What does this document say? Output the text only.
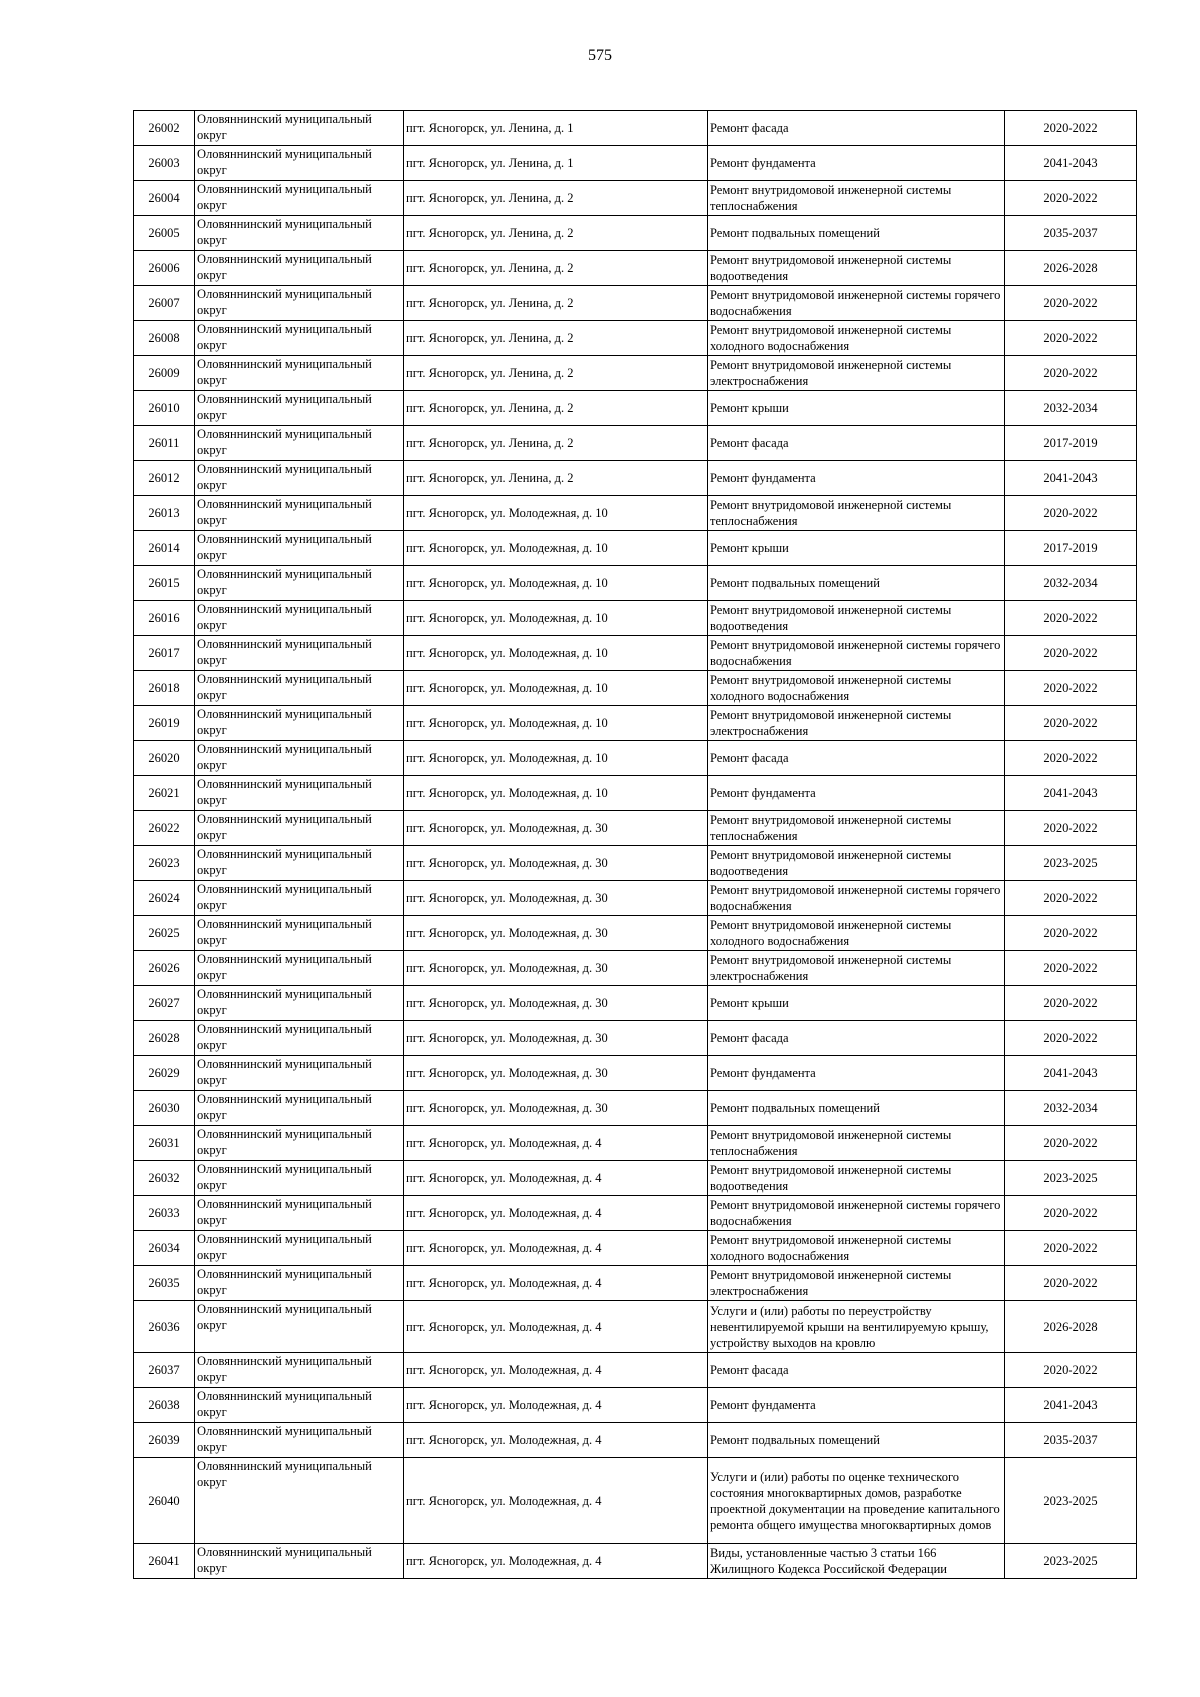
575
26002	Оловяннинский муниципальный округ	пгт. Ясногорск, ул. Ленина, д. 1	Ремонт фасада	2020-2022
26003	Оловяннинский муниципальный округ	пгт. Ясногорск, ул. Ленина, д. 1	Ремонт фундамента	2041-2043
26004	Оловяннинский муниципальный округ	пгт. Ясногорск, ул. Ленина, д. 2	Ремонт внутридомовой инженерной системы теплоснабжения	2020-2022
26005	Оловяннинский муниципальный округ	пгт. Ясногорск, ул. Ленина, д. 2	Ремонт подвальных помещений	2035-2037
26006	Оловяннинский муниципальный округ	пгт. Ясногорск, ул. Ленина, д. 2	Ремонт внутридомовой инженерной системы водоотведения	2026-2028
26007	Оловяннинский муниципальный округ	пгт. Ясногорск, ул. Ленина, д. 2	Ремонт внутридомовой инженерной системы горячего водоснабжения	2020-2022
26008	Оловяннинский муниципальный округ	пгт. Ясногорск, ул. Ленина, д. 2	Ремонт внутридомовой инженерной системы холодного водоснабжения	2020-2022
26009	Оловяннинский муниципальный округ	пгт. Ясногорск, ул. Ленина, д. 2	Ремонт внутридомовой инженерной системы электроснабжения	2020-2022
26010	Оловяннинский муниципальный округ	пгт. Ясногорск, ул. Ленина, д. 2	Ремонт крыши	2032-2034
26011	Оловяннинский муниципальный округ	пгт. Ясногорск, ул. Ленина, д. 2	Ремонт фасада	2017-2019
26012	Оловяннинский муниципальный округ	пгт. Ясногорск, ул. Ленина, д. 2	Ремонт фундамента	2041-2043
26013	Оловяннинский муниципальный округ	пгт. Ясногорск, ул. Молодежная, д. 10	Ремонт внутридомовой инженерной системы теплоснабжения	2020-2022
26014	Оловяннинский муниципальный округ	пгт. Ясногорск, ул. Молодежная, д. 10	Ремонт крыши	2017-2019
26015	Оловяннинский муниципальный округ	пгт. Ясногорск, ул. Молодежная, д. 10	Ремонт подвальных помещений	2032-2034
26016	Оловяннинский муниципальный округ	пгт. Ясногорск, ул. Молодежная, д. 10	Ремонт внутридомовой инженерной системы водоотведения	2020-2022
26017	Оловяннинский муниципальный округ	пгт. Ясногорск, ул. Молодежная, д. 10	Ремонт внутридомовой инженерной системы горячего водоснабжения	2020-2022
26018	Оловяннинский муниципальный округ	пгт. Ясногорск, ул. Молодежная, д. 10	Ремонт внутридомовой инженерной системы холодного водоснабжения	2020-2022
26019	Оловяннинский муниципальный округ	пгт. Ясногорск, ул. Молодежная, д. 10	Ремонт внутридомовой инженерной системы электроснабжения	2020-2022
26020	Оловяннинский муниципальный округ	пгт. Ясногорск, ул. Молодежная, д. 10	Ремонт фасада	2020-2022
26021	Оловяннинский муниципальный округ	пгт. Ясногорск, ул. Молодежная, д. 10	Ремонт фундамента	2041-2043
26022	Оловяннинский муниципальный округ	пгт. Ясногорск, ул. Молодежная, д. 30	Ремонт внутридомовой инженерной системы теплоснабжения	2020-2022
26023	Оловяннинский муниципальный округ	пгт. Ясногорск, ул. Молодежная, д. 30	Ремонт внутридомовой инженерной системы водоотведения	2023-2025
26024	Оловяннинский муниципальный округ	пгт. Ясногорск, ул. Молодежная, д. 30	Ремонт внутридомовой инженерной системы горячего водоснабжения	2020-2022
26025	Оловяннинский муниципальный округ	пгт. Ясногорск, ул. Молодежная, д. 30	Ремонт внутридомовой инженерной системы холодного водоснабжения	2020-2022
26026	Оловяннинский муниципальный округ	пгт. Ясногорск, ул. Молодежная, д. 30	Ремонт внутридомовой инженерной системы электроснабжения	2020-2022
26027	Оловяннинский муниципальный округ	пгт. Ясногорск, ул. Молодежная, д. 30	Ремонт крыши	2020-2022
26028	Оловяннинский муниципальный округ	пгт. Ясногорск, ул. Молодежная, д. 30	Ремонт фасада	2020-2022
26029	Оловяннинский муниципальный округ	пгт. Ясногорск, ул. Молодежная, д. 30	Ремонт фундамента	2041-2043
26030	Оловяннинский муниципальный округ	пгт. Ясногорск, ул. Молодежная, д. 30	Ремонт подвальных помещений	2032-2034
26031	Оловяннинский муниципальный округ	пгт. Ясногорск, ул. Молодежная, д. 4	Ремонт внутридомовой инженерной системы теплоснабжения	2020-2022
26032	Оловяннинский муниципальный округ	пгт. Ясногорск, ул. Молодежная, д. 4	Ремонт внутридомовой инженерной системы водоотведения	2023-2025
26033	Оловяннинский муниципальный округ	пгт. Ясногорск, ул. Молодежная, д. 4	Ремонт внутридомовой инженерной системы горячего водоснабжения	2020-2022
26034	Оловяннинский муниципальный округ	пгт. Ясногорск, ул. Молодежная, д. 4	Ремонт внутридомовой инженерной системы холодного водоснабжения	2020-2022
26035	Оловяннинский муниципальный округ	пгт. Ясногорск, ул. Молодежная, д. 4	Ремонт внутридомовой инженерной системы электроснабжения	2020-2022
26036	Оловяннинский муниципальный округ	пгт. Ясногорск, ул. Молодежная, д. 4	Услуги и (или) работы по переустройству невентилируемой крыши на вентилируемую крышу, устройству выходов на кровлю	2026-2028
26037	Оловяннинский муниципальный округ	пгт. Ясногорск, ул. Молодежная, д. 4	Ремонт фасада	2020-2022
26038	Оловяннинский муниципальный округ	пгт. Ясногорск, ул. Молодежная, д. 4	Ремонт фундамента	2041-2043
26039	Оловяннинский муниципальный округ	пгт. Ясногорск, ул. Молодежная, д. 4	Ремонт подвальных помещений	2035-2037
26040	Оловяннинский муниципальный округ	пгт. Ясногорск, ул. Молодежная, д. 4	Услуги и (или) работы по оценке технического состояния многоквартирных домов, разработке проектной документации на проведение капитального ремонта общего имущества многоквартирных домов	2023-2025
26041	Оловяннинский муниципальный округ	пгт. Ясногорск, ул. Молодежная, д. 4	Виды, установленные частью 3 статьи 166 Жилищного Кодекса Российской Федерации	2023-2025
